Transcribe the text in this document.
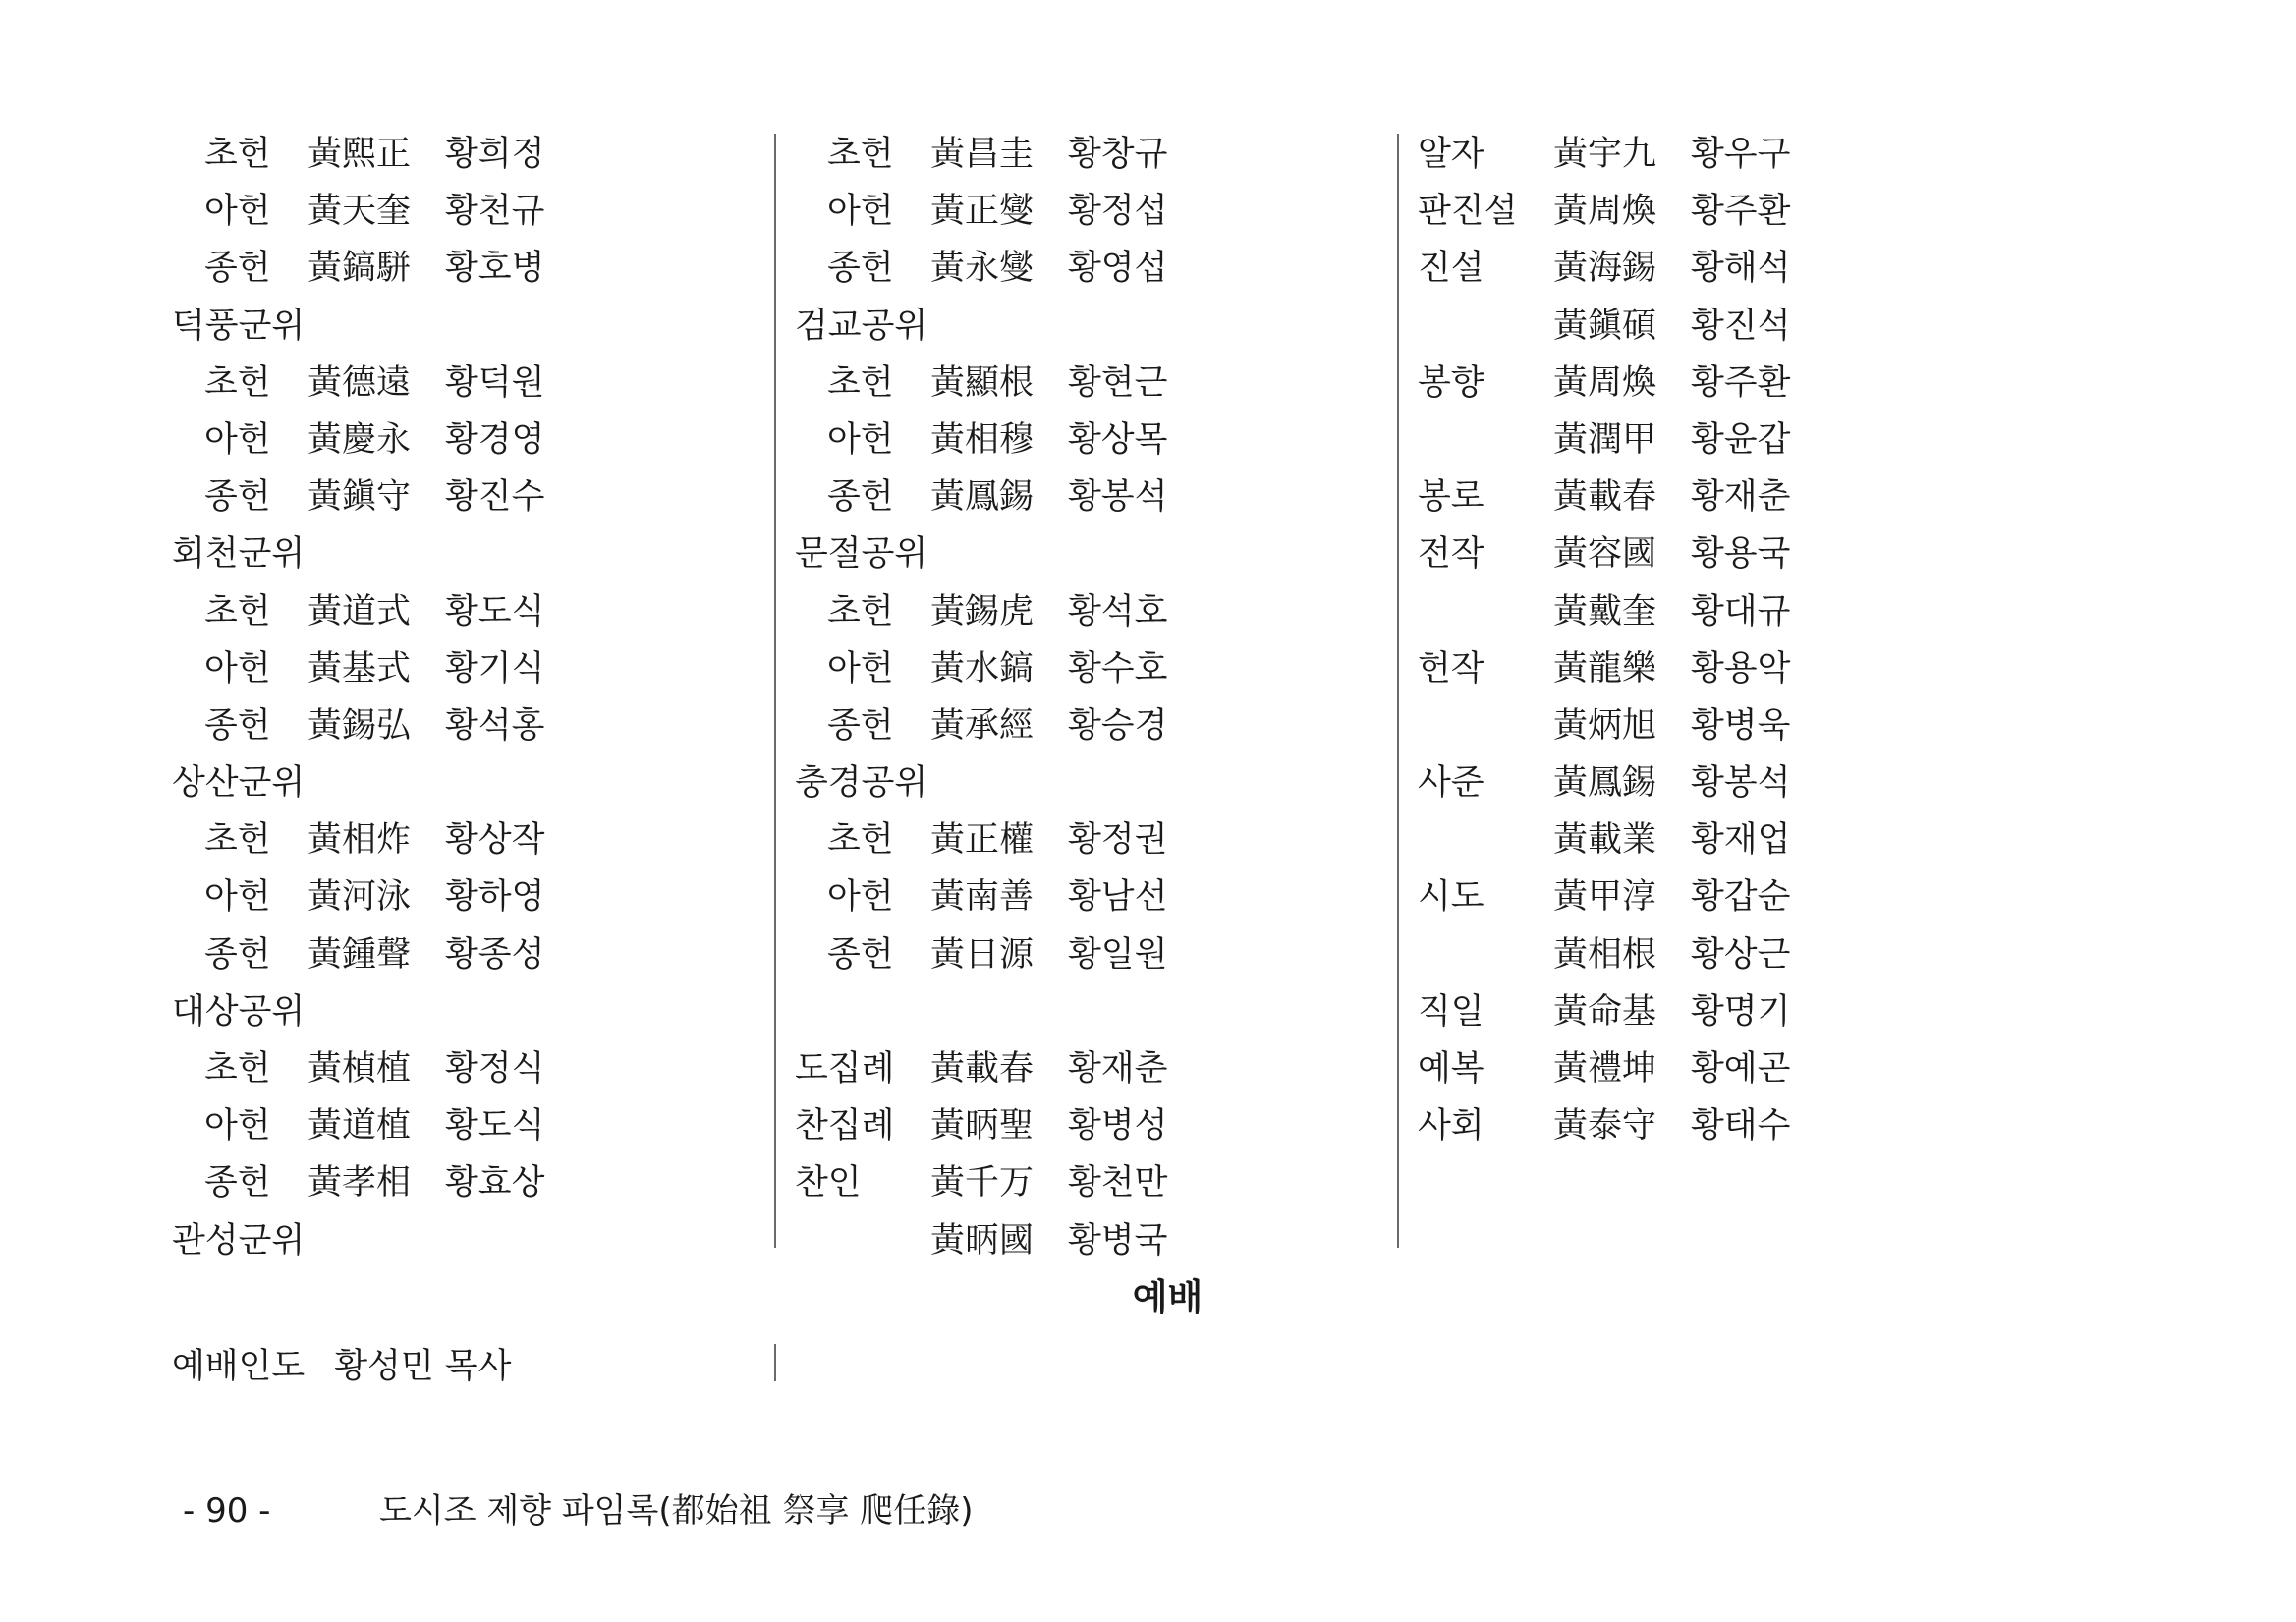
초헌 黃熙正 황희정
아헌 黃天奎 황천규
종헌 黃鎬駢 황호병
덕풍군위
초헌 黃德遠 황덕원
아헌 黃慶永 황경영
종헌 黃鎭守 황진수
회천군위
초헌 黃道式 황도식
아헌 黃基式 황기식
종헌 黃錫弘 황석홍
상산군위
초헌 黃相炸 황상작
아헌 黃河泳 황하영
종헌 黃鍾聲 황종성
대상공위
초헌 黃楨植 황정식
아헌 黃道植 황도식
종헌 黃孝相 황효상
관성군위
초헌 黃昌圭 황창규
아헌 黃正燮 황정섭
종헌 黃永燮 황영섭
검교공위
초헌 黃顯根 황현근
아헌 黃相穆 황상목
종헌 黃鳳錫 황봉석
문절공위
초헌 黃錫虎 황석호
아헌 黃水鎬 황수호
종헌 黃承經 황승경
충경공위
초헌 黃正權 황정권
아헌 黃南善 황남선
종헌 黃日源 황일원
도집례 黃載春 황재춘
찬집례 黃昞聖 황병성
찬인 黃千万 황천만
黃昞國 황병국
알자 黃宇九 황우구
판진설 黃周煥 황주환
진설 黃海錫 황해석
黃鎭碩 황진석
봉향 黃周煥 황주환
黃潤甲 황윤갑
봉로 黃載春 황재춘
전작 黃容國 황용국
黃戴奎 황대규
헌작 黃龍樂 황용악
黃炳旭 황병욱
사준 黃鳳錫 황봉석
黃載業 황재업
시도 黃甲淳 황갑순
黃相根 황상근
직일 黃命基 황명기
예복 黃禮坤 황예곤
사회 黃泰守 황태수
예배
예배인도 황성민 목사
- 90 -	도시조 제향 파임록(都始祖 祭享 爬任錄)
